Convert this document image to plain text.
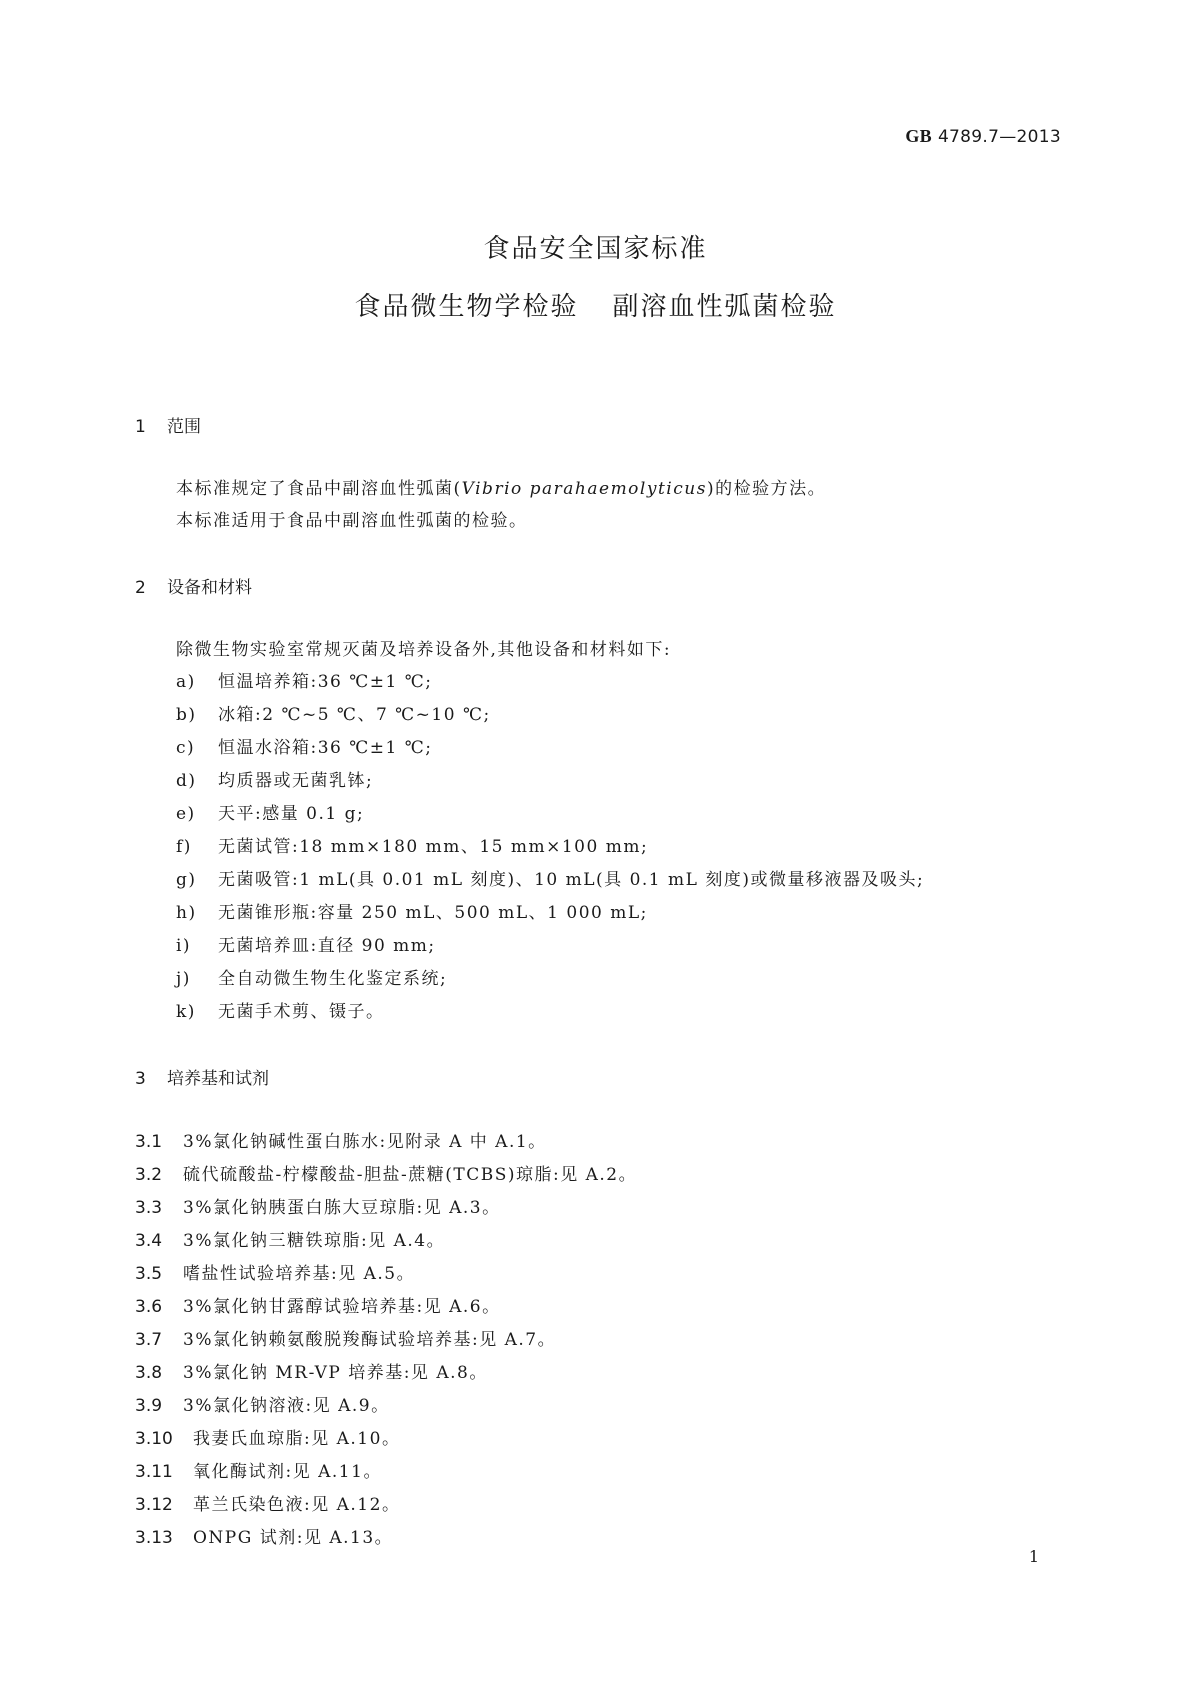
GB 4789.7—2013
食品安全国家标准
食品微生物学检验 副溶血性弧菌检验
1 范围
本标准规定了食品中副溶血性弧菌(Vibrio parahaemolyticus)的检验方法。
本标准适用于食品中副溶血性弧菌的检验。
2 设备和材料
除微生物实验室常规灭菌及培养设备外,其他设备和材料如下:
a) 恒温培养箱:36 ℃±1 ℃;
b) 冰箱:2 ℃~5 ℃、7 ℃~10 ℃;
c) 恒温水浴箱:36 ℃±1 ℃;
d) 均质器或无菌乳钵;
e) 天平:感量 0.1 g;
f) 无菌试管:18 mm×180 mm、15 mm×100 mm;
g) 无菌吸管:1 mL(具 0.01 mL 刻度)、10 mL(具 0.1 mL 刻度)或微量移液器及吸头;
h) 无菌锥形瓶:容量 250 mL、500 mL、1 000 mL;
i) 无菌培养皿:直径 90 mm;
j) 全自动微生物生化鉴定系统;
k) 无菌手术剪、镊子。
3 培养基和试剂
3.1 3%氯化钠碱性蛋白胨水:见附录 A 中 A.1。
3.2 硫代硫酸盐-柠檬酸盐-胆盐-蔗糖(TCBS)琼脂:见 A.2。
3.3 3%氯化钠胰蛋白胨大豆琼脂:见 A.3。
3.4 3%氯化钠三糖铁琼脂:见 A.4。
3.5 嗜盐性试验培养基:见 A.5。
3.6 3%氯化钠甘露醇试验培养基:见 A.6。
3.7 3%氯化钠赖氨酸脱羧酶试验培养基:见 A.7。
3.8 3%氯化钠 MR-VP 培养基:见 A.8。
3.9 3%氯化钠溶液:见 A.9。
3.10 我妻氏血琼脂:见 A.10。
3.11 氧化酶试剂:见 A.11。
3.12 革兰氏染色液:见 A.12。
3.13 ONPG 试剂:见 A.13。
1
